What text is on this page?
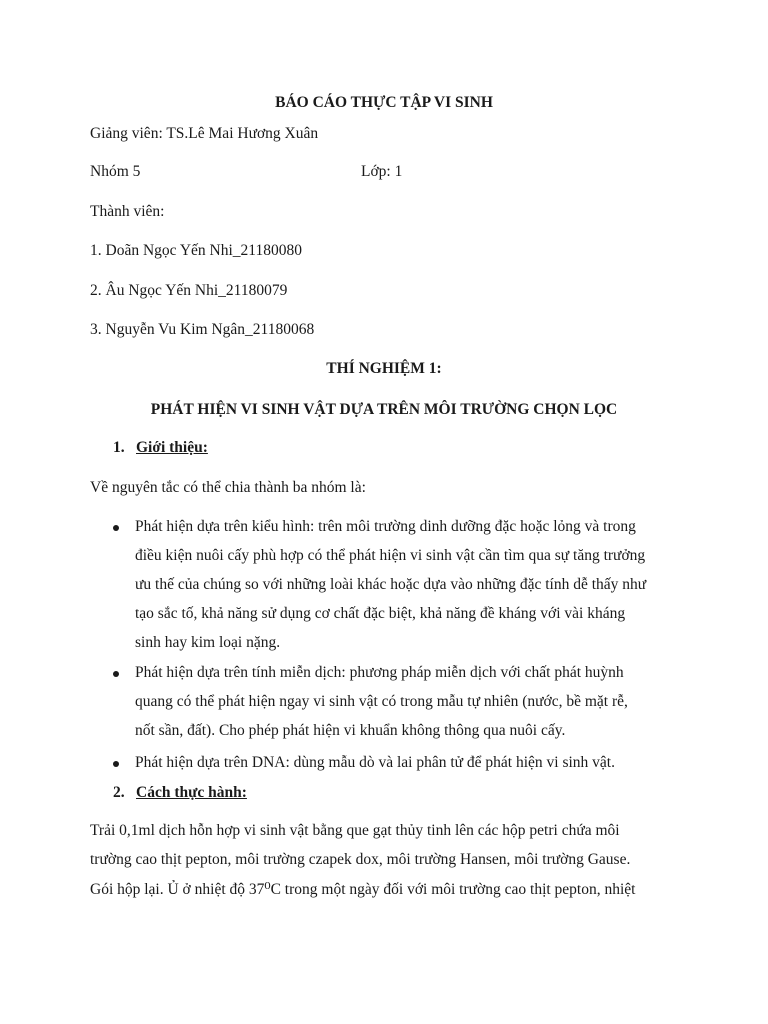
BÁO CÁO THỰC TẬP VI SINH
Giảng viên: TS.Lê Mai Hương Xuân
Nhóm 5	Lớp: 1
Thành viên:
1. Doãn Ngọc Yến Nhi_21180080
2. Âu Ngọc Yến Nhi_21180079
3. Nguyễn Vu Kim Ngân_21180068
THÍ NGHIỆM 1:
PHÁT HIỆN VI SINH VẬT DỰA TRÊN MÔI TRƯỜNG CHỌN LỌC
1. Giới thiệu:
Về nguyên tắc có thể chia thành ba nhóm là:
Phát hiện dựa trên kiểu hình: trên môi trường dinh dưỡng đặc hoặc lỏng và trong
điều kiện nuôi cấy phù hợp có thể phát hiện vi sinh vật cần tìm qua sự tăng trưởng
ưu thế của chúng so với những loài khác hoặc dựa vào những đặc tính dễ thấy như
tạo sắc tố, khả năng sử dụng cơ chất đặc biệt, khả năng đề kháng với vài kháng
sinh hay kim loại nặng.
Phát hiện dựa trên tính miễn dịch: phương pháp miễn dịch với chất phát huỳnh
quang có thể phát hiện ngay vi sinh vật có trong mẫu tự nhiên (nước, bề mặt rễ,
nốt sần, đất). Cho phép phát hiện vi khuẩn không thông qua nuôi cấy.
Phát hiện dựa trên DNA: dùng mẫu dò và lai phân tử để phát hiện vi sinh vật.
2. Cách thực hành:
Trải 0,1ml dịch hỗn hợp vi sinh vật bằng que gạt thủy tinh lên các hộp petri chứa môi
trường cao thịt pepton, môi trường czapek dox, môi trường Hansen, môi trường Gause.
Gói hộp lại. Ủ ở nhiệt độ 37⁰C trong một ngày đối với môi trường cao thịt pepton, nhiệt
